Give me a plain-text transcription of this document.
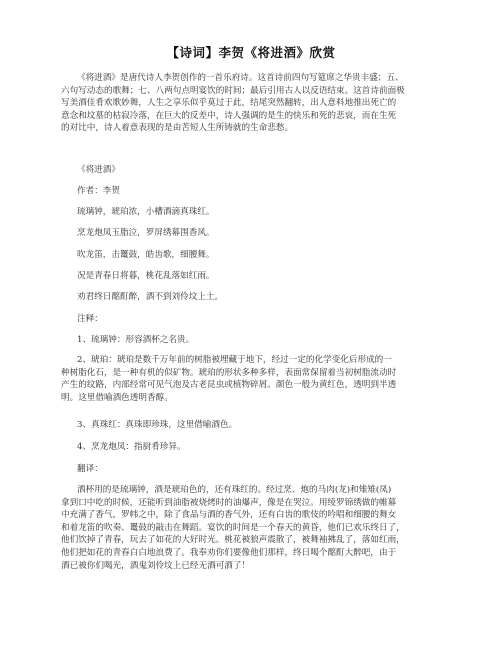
【诗词】李贺《将进酒》欣赏
《将进酒》是唐代诗人李贺创作的一首乐府诗。这首诗前四句写筵席之华贵丰盛；五、
六句写动态的歌舞；七、八两句点明宴饮的时间；最后引用古人以反语结束。这首诗前面极
写美酒佳肴欢歌妙舞，人生之享乐似乎莫过于此，结尾突然翻转，出人意料地推出死亡的
意念和坟墓的枯寂冷落，在巨大的反差中，诗人强调的是生的快乐和死的悲哀，而在生死
的对比中，诗人着意表现的是由苦短人生所铸就的生命悲愁。
《将进酒》
作者：李贺
琉璃钟，琥珀浓，小槽酒滴真珠红。
烹龙炮凤玉脂泣，罗屏绣幕围香风。
吹龙笛，击鼍鼓，皓齿歌，细腰舞。
况是青春日将暮，桃花乱落如红雨。
劝君终日酩酊醉，酒不到刘伶坟上土。
注释：
1、琉璃钟：形容酒杯之名贵。
2、琥珀：琥珀是数千万年前的树脂被埋藏于地下，经过一定的化学变化后形成的一
种树脂化石，是一种有机的似矿物。琥珀的形状多种多样，表面常保留着当初树脂流动时
产生的纹路，内部经常可见气泡及古老昆虫或植物碎屑。颜色一般为黄红色，透明到半透
明。这里借喻酒色透明香醇。
3、真珠红：真珠即珍珠，这里借喻酒色。
4、烹龙炮凤：指厨肴珍异。
翻译：
酒杯用的是琉璃钟，酒是琥珀色的，还有珠红的。经过烹、炮的马肉(龙)和雉雉(凤)
拿到口中吃的时候，还能听到油脂被烧烤时的油爆声，像是在哭泣。用绫罗锦绣做的帷幕
中充满了香气，罗帏之中，除了食品与酒的香气外，还有白齿的歌伎的吟唱和细腰的舞女
和着龙笛的吹奏、鼍鼓的敲击在舞蹈。宴饮的时间是一个春天的黄昏，他们已欢乐终日了，
他们饮掉了青春，玩去了如花的大好时光。桃花被狼声震散了，被舞袖拂乱了，落如红雨，
他们把如花的青春白白地浪费了。我奉劝你们要像他们那样，终日喝个酩酊大醉吧，由于
酒已被你们喝光，酒鬼刘伶坟上已经无酒可酒了！
